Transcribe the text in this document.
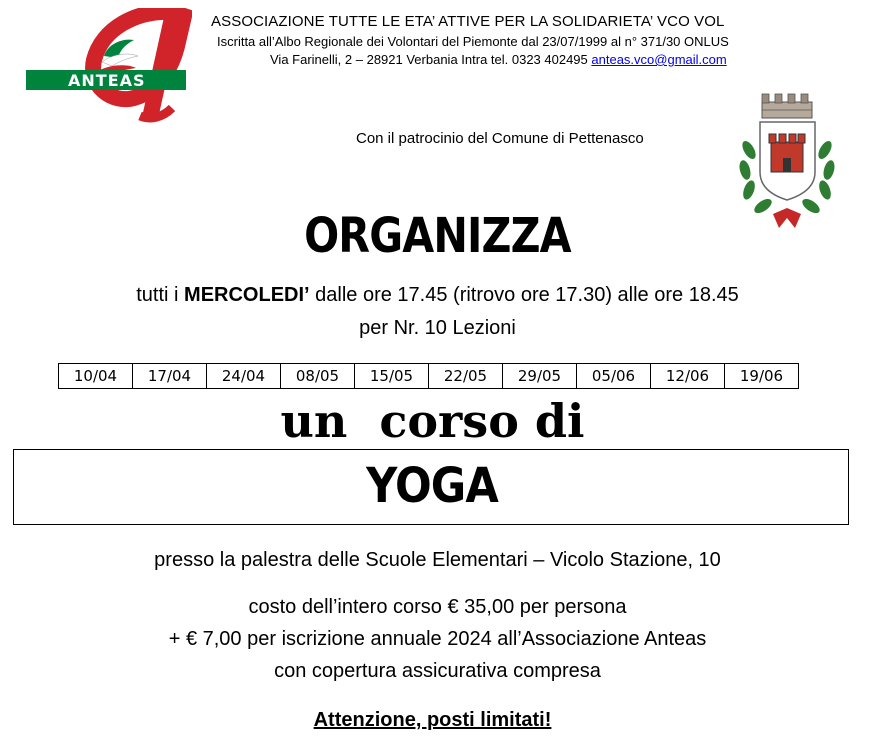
ANTEAS
ASSOCIAZIONE TUTTE LE ETA’ ATTIVE PER LA SOLIDARIETA’ VCO VOL
Iscritta all’Albo Regionale dei Volontari del Piemonte dal 23/07/1999 al n° 371/30 ONLUS
Via Farinelli, 2 – 28921 Verbania Intra tel. 0323 402495 anteas.vco@gmail.com
Con il patrocinio del Comune di Pettenasco
ORGANIZZA
tutti i MERCOLEDI’ dalle ore 17.45 (ritrovo ore 17.30) alle ore 18.45
per Nr. 10 Lezioni
10/04	17/04	24/04	08/05	15/05	22/05	29/05	05/06	12/06	19/06
un  corso di
YOGA
presso la palestra delle Scuole Elementari – Vicolo Stazione, 10
costo dell’intero corso € 35,00 per persona
+ € 7,00 per iscrizione annuale 2024 all’Associazione Anteas
con copertura assicurativa compresa
Attenzione, posti limitati!
